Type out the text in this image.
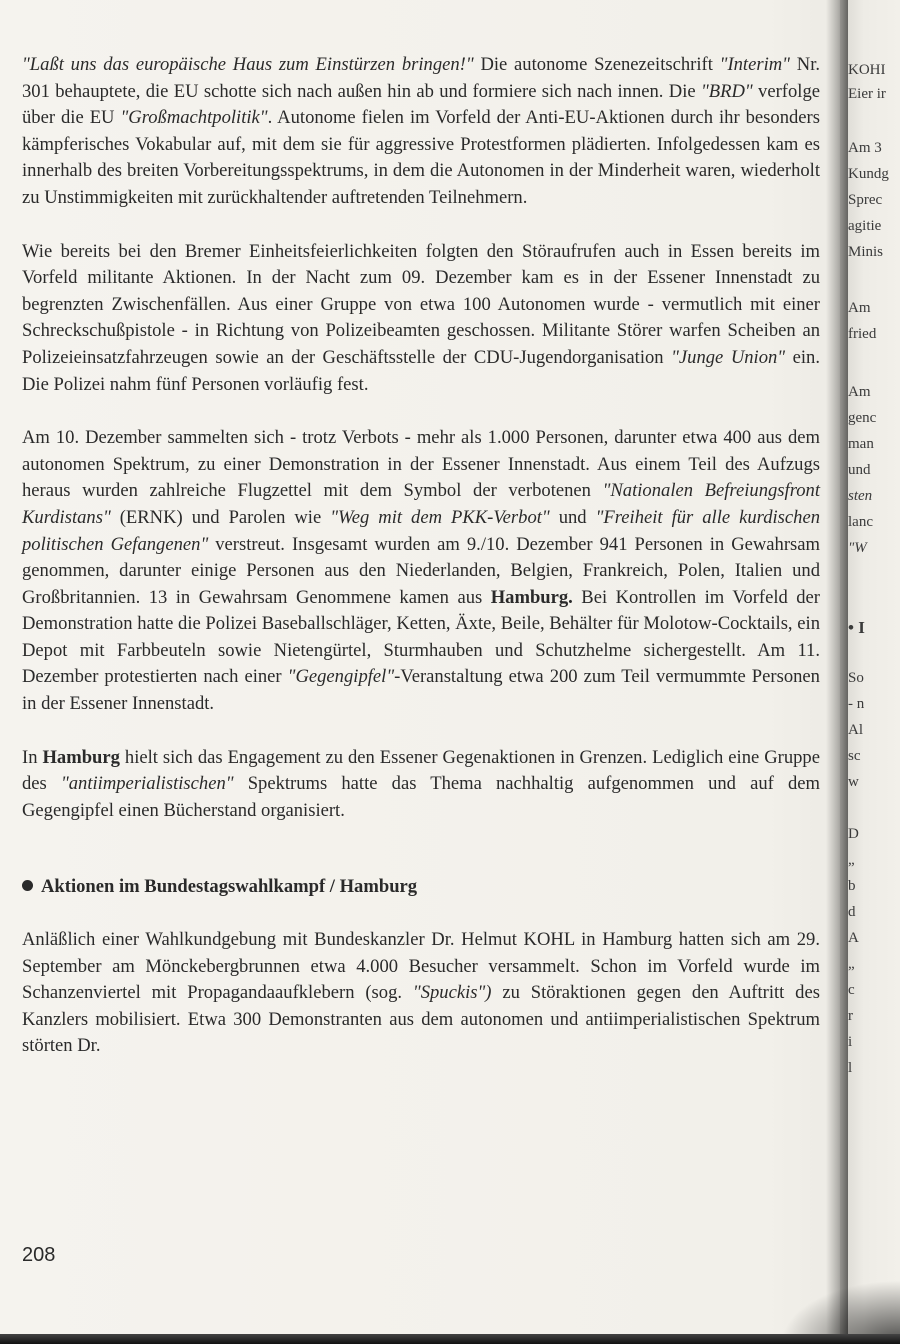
"Laßt uns das europäische Haus zum Einstürzen bringen!" Die autonome Szenezeitschrift "Interim" Nr. 301 behauptete, die EU schotte sich nach außen hin ab und formiere sich nach innen. Die "BRD" verfolge über die EU "Großmachtpolitik". Autonome fielen im Vorfeld der Anti-EU-Aktionen durch ihr besonders kämpferisches Vokabular auf, mit dem sie für aggressive Protestformen plädierten. Infolgedessen kam es innerhalb des breiten Vorbereitungsspektrums, in dem die Autonomen in der Minderheit waren, wiederholt zu Unstimmigkeiten mit zurückhaltender auftretenden Teilnehmern.

Wie bereits bei den Bremer Einheitsfeierlichkeiten folgten den Störaufrufen auch in Essen bereits im Vorfeld militante Aktionen. In der Nacht zum 09. Dezember kam es in der Essener Innenstadt zu begrenzten Zwischenfällen. Aus einer Gruppe von etwa 100 Autonomen wurde - vermutlich mit einer Schreckschußpistole - in Richtung von Polizeibeamten geschossen. Militante Störer warfen Scheiben an Polizeieinsatzfahrzeugen sowie an der Geschäftsstelle der CDU-Jugendorganisation "Junge Union" ein. Die Polizei nahm fünf Personen vorläufig fest.

Am 10. Dezember sammelten sich - trotz Verbots - mehr als 1.000 Personen, darunter etwa 400 aus dem autonomen Spektrum, zu einer Demonstration in der Essener Innenstadt. Aus einem Teil des Aufzugs heraus wurden zahlreiche Flugzettel mit dem Symbol der verbotenen "Nationalen Befreiungsfront Kurdistans" (ERNK) und Parolen wie "Weg mit dem PKK-Verbot" und "Freiheit für alle kurdischen politischen Gefangenen" verstreut. Insgesamt wurden am 9./10. Dezember 941 Personen in Gewahrsam genommen, darunter einige Personen aus den Niederlanden, Belgien, Frankreich, Polen, Italien und Großbritannien. 13 in Gewahrsam Genommene kamen aus Hamburg. Bei Kontrollen im Vorfeld der Demonstration hatte die Polizei Baseballschläger, Ketten, Äxte, Beile, Behälter für Molotow-Cocktails, ein Depot mit Farbbeuteln sowie Nietengürtel, Sturmhauben und Schutzhelme sichergestellt. Am 11. Dezember protestierten nach einer "Gegengipfel"-Veranstaltung etwa 200 zum Teil vermummte Personen in der Essener Innenstadt.

In Hamburg hielt sich das Engagement zu den Essener Gegenaktionen in Grenzen. Lediglich eine Gruppe des "antiimperialistischen" Spektrums hatte das Thema nachhaltig aufgenommen und auf dem Gegengipfel einen Bücherstand organisiert.

Aktionen im Bundestagswahlkampf / Hamburg

Anläßlich einer Wahlkundgebung mit Bundeskanzler Dr. Helmut KOHL in Hamburg hatten sich am 29. September am Mönckebergbrunnen etwa 4.000 Besucher versammelt. Schon im Vorfeld wurde im Schanzenviertel mit Propagandaaufklebern (sog. "Spuckis") zu Störaktionen gegen den Auftritt des Kanzlers mobilisiert. Etwa 300 Demonstranten aus dem autonomen und antiimperialistischen Spektrum störten Dr.

208
KOHI
Eier ir
Am 3
Kundg
Sprec
agitie
Minis
Am
fried
Am
genc
man
und
sten
lanc
"W
• I
So
- n
Al
sc
w
D
„
b
d
A
„
c
r
i
l
